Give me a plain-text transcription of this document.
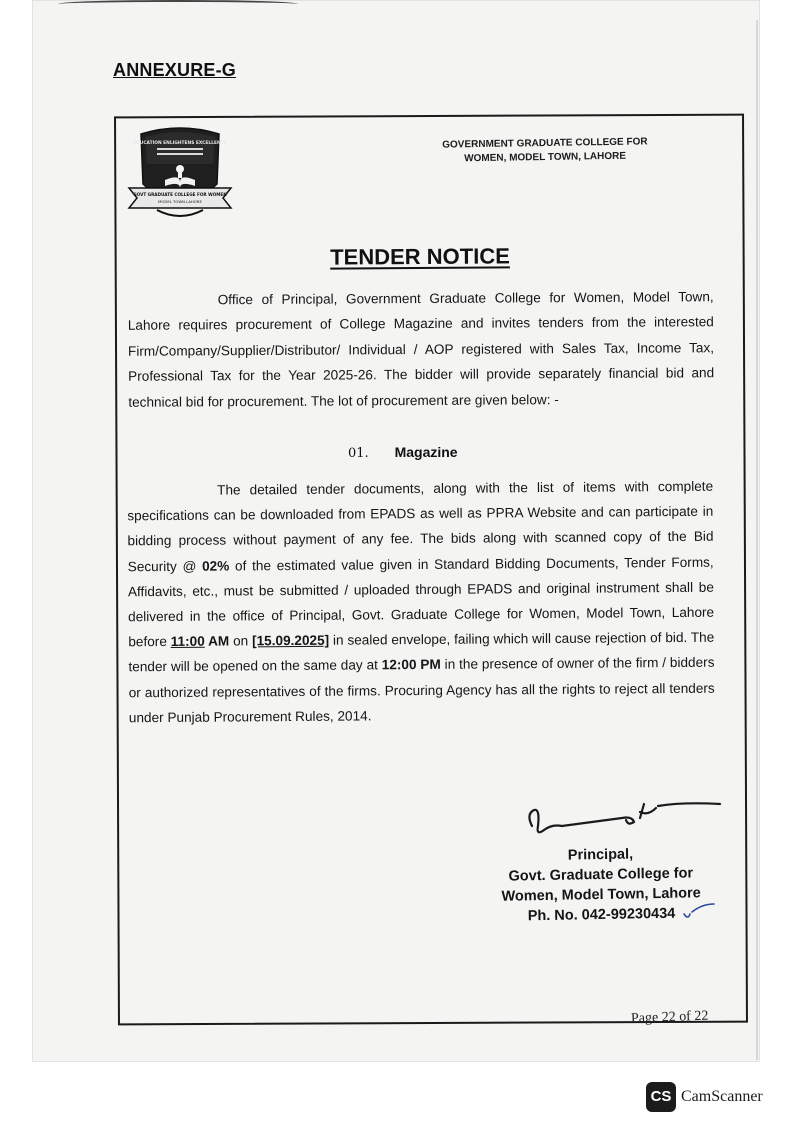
ANNEXURE-G
EDUCATION ENLIGHTENS EXCELLENCE
GOVT GRADUATE COLLEGE FOR WOMEN
MODEL TOWN LAHORE
GOVERNMENT GRADUATE COLLEGE FOR
WOMEN, MODEL TOWN, LAHORE
TENDER NOTICE

Office of Principal, Government Graduate College for Women, Model Town, Lahore requires procurement of College Magazine and invites tenders from the interested Firm/Company/Supplier/Distributor/ Individual / AOP registered with Sales Tax, Income Tax, Professional Tax for the Year 2025-26. The bidder will provide separately financial bid and technical bid for procurement. The lot of procurement are given below: -

01. Magazine

The detailed tender documents, along with the list of items with complete specifications can be downloaded from EPADS as well as PPRA Website and can participate in bidding process without payment of any fee. The bids along with scanned copy of the Bid Security @ 02% of the estimated value given in Standard Bidding Documents, Tender Forms, Affidavits, etc., must be submitted / uploaded through EPADS and original instrument shall be delivered in the office of Principal, Govt. Graduate College for Women, Model Town, Lahore before 11:00 AM on [15.09.2025] in sealed envelope, failing which will cause rejection of bid. The tender will be opened on the same day at 12:00 PM in the presence of owner of the firm / bidders or authorized representatives of the firms. Procuring Agency has all the rights to reject all tenders under Punjab Procurement Rules, 2014.

Principal,
Govt. Graduate College for
Women, Model Town, Lahore
Ph. No. 042-99230434
Page 22 of 22
CS CamScanner
